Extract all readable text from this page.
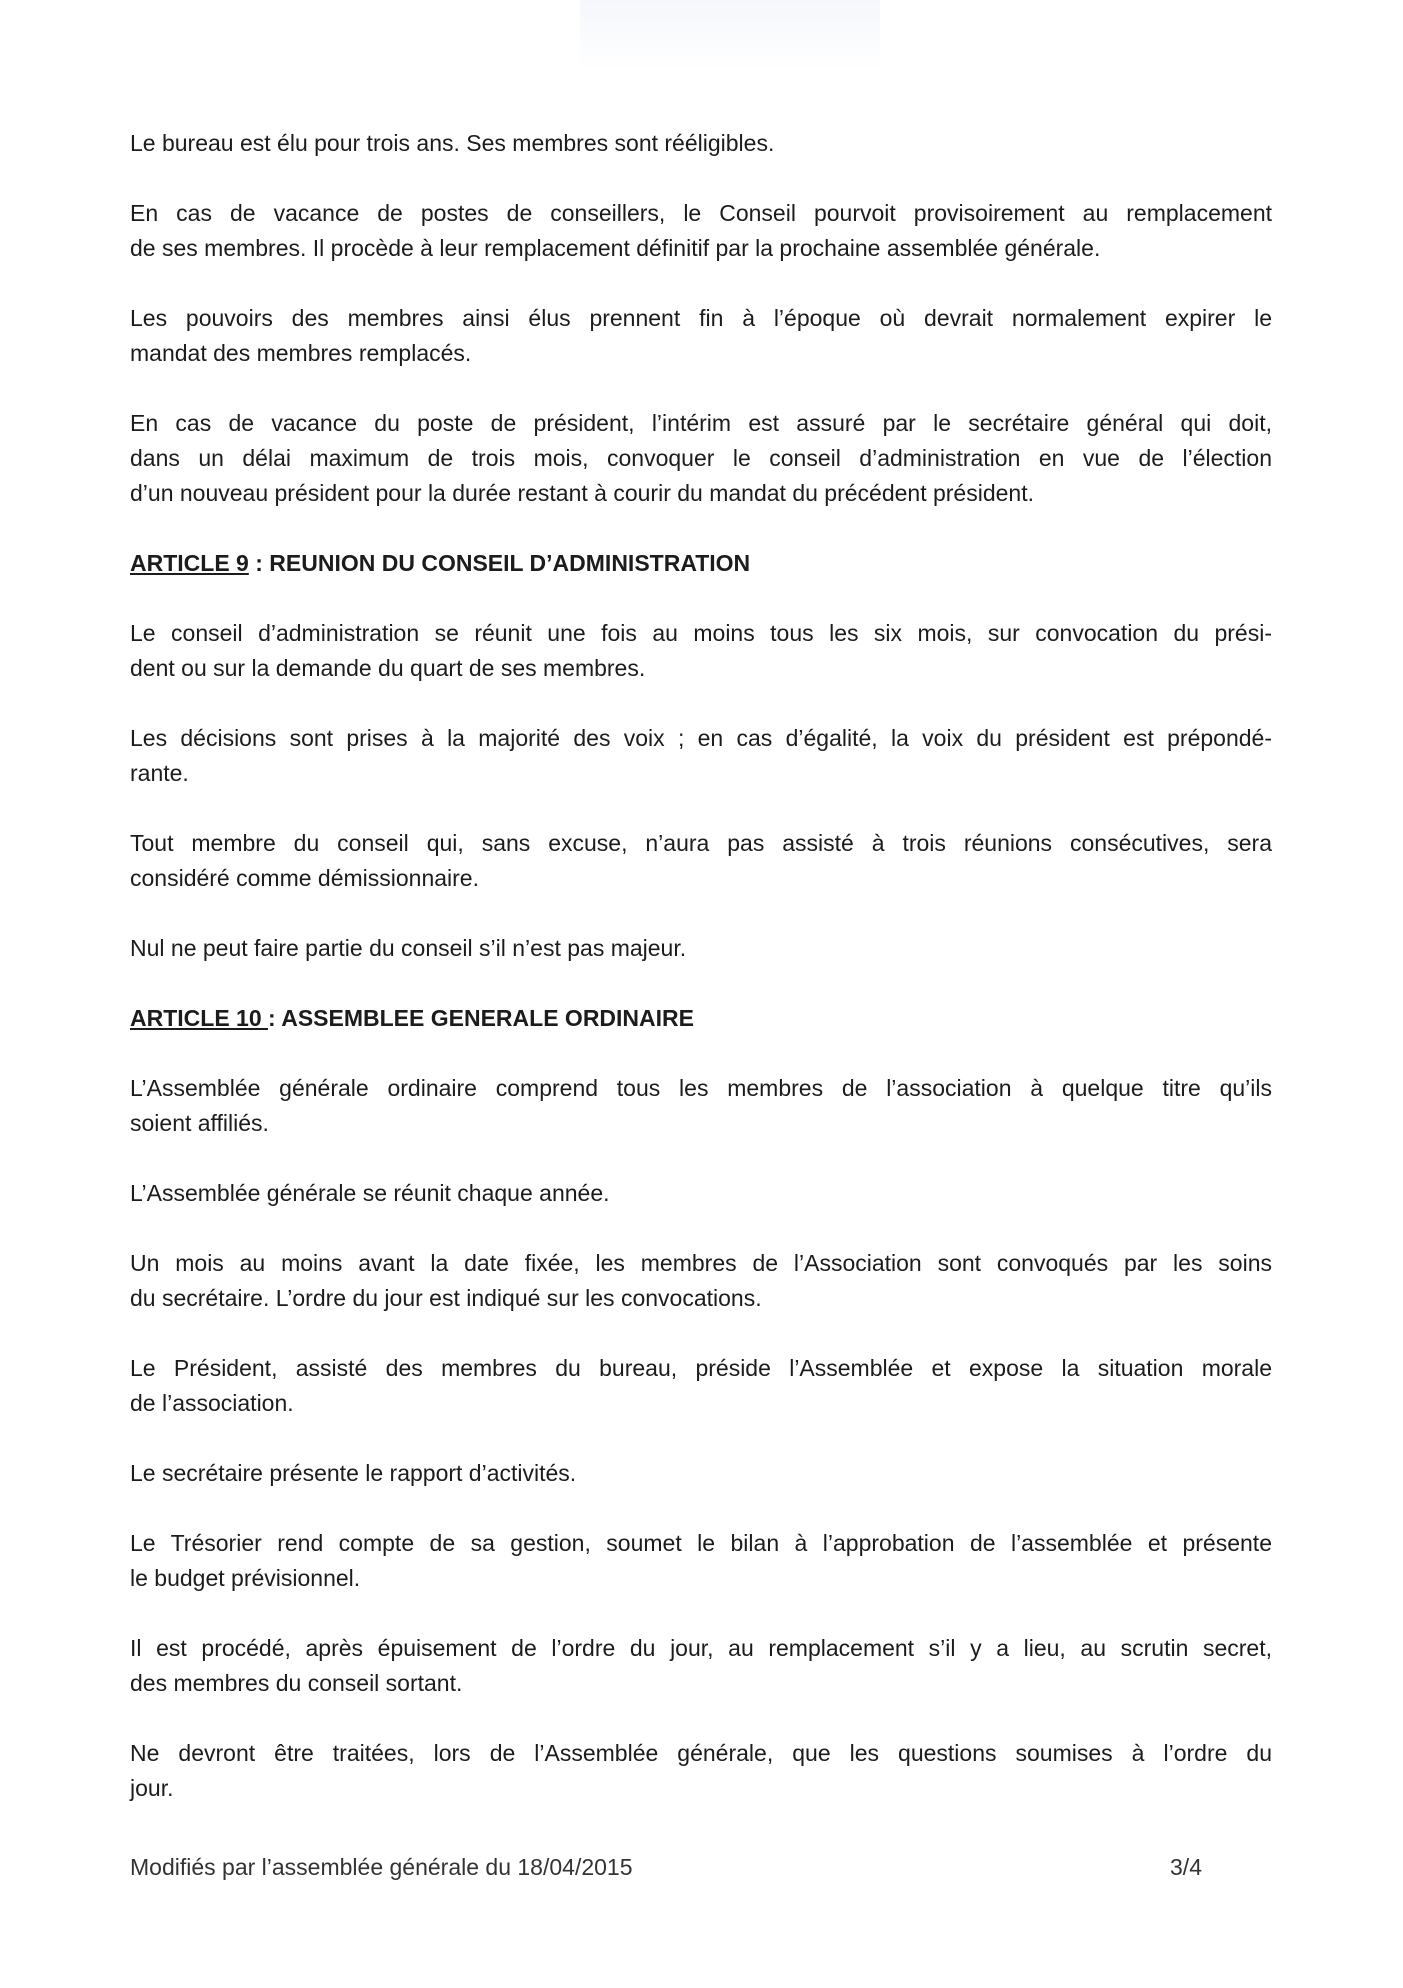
Le bureau est élu pour trois ans. Ses membres sont rééligibles.
En cas de vacance de postes de conseillers, le Conseil pourvoit provisoirement au remplacement
de ses membres. Il procède à leur remplacement définitif par la prochaine assemblée générale.
Les pouvoirs des membres ainsi élus prennent fin à l’époque où devrait normalement expirer le
mandat des membres remplacés.
En cas de vacance du poste de président, l’intérim est assuré par le secrétaire général qui doit,
dans un délai maximum de trois mois, convoquer le conseil d’administration en vue de l’élection
d’un nouveau président pour la durée restant à courir du mandat du précédent président.
ARTICLE 9 : REUNION DU CONSEIL D’ADMINISTRATION
Le conseil d’administration se réunit une fois au moins tous les six mois, sur convocation du prési-
dent ou sur la demande du quart de ses membres.
Les décisions sont prises à la majorité des voix ; en cas d’égalité, la voix du président est prépondé-
rante.
Tout membre du conseil qui, sans excuse, n’aura pas assisté à trois réunions consécutives, sera
considéré comme démissionnaire.
Nul ne peut faire partie du conseil s’il n’est pas majeur.
ARTICLE 10 : ASSEMBLEE GENERALE ORDINAIRE
L’Assemblée générale ordinaire comprend tous les membres de l’association à quelque titre qu’ils
soient affiliés.
L’Assemblée générale se réunit chaque année.
Un mois au moins avant la date fixée, les membres de l’Association sont convoqués par les soins
du secrétaire. L’ordre du jour est indiqué sur les convocations.
Le Président, assisté des membres du bureau, préside l’Assemblée et expose la situation morale
de l’association.
Le secrétaire présente le rapport d’activités.
Le Trésorier rend compte de sa gestion, soumet le bilan à l’approbation de l’assemblée et présente
le budget prévisionnel.
Il est procédé, après épuisement de l’ordre du jour, au remplacement s’il y a lieu, au scrutin secret,
des membres du conseil sortant.
Ne devront être traitées, lors de l’Assemblée générale, que les questions soumises à l’ordre du
jour.
Modifiés par l’assemblée générale du 18/04/2015	3/4
